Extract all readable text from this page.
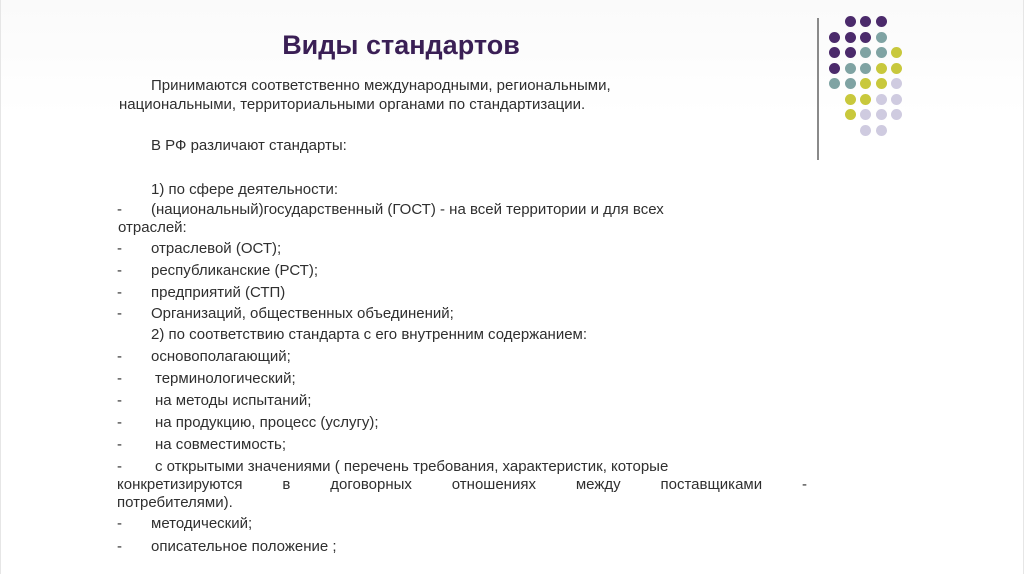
Виды стандартов
Принимаются соответственно международными, региональными,
национальными, территориальными органами по стандартизации.
В РФ различают стандарты:
1) по сфере деятельности:
- (национальный)государственный (ГОСТ) - на всей территории и для всех
отраслей:
- отраслевой (ОСТ);
- республиканские (РСТ);
- предприятий (СТП)
- Организаций, общественных объединений;
2) по соответствию стандарта с его внутренним содержанием:
- основополагающий;
- терминологический;
- на методы испытаний;
- на продукцию, процесс (услугу);
- на совместимость;
- с открытыми значениями ( перечень требования, характеристик, которые
конкретизируются в договорных отношениях между поставщиками -
потребителями).
- методический;
- описательное положение ;
